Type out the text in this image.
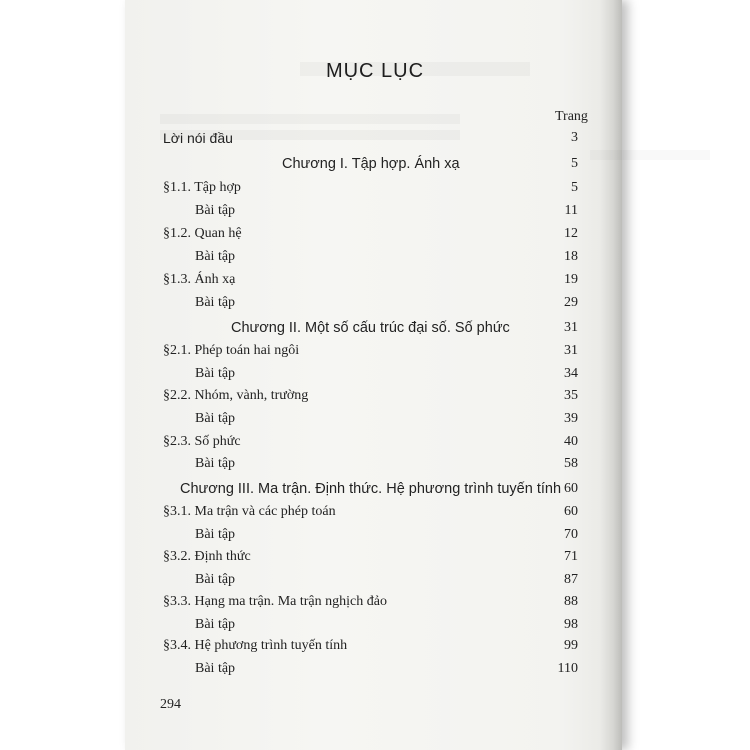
MỤC LỤC
Trang
Lời nói đầu	3
Chương I. Tập hợp. Ánh xạ	5
§1.1. Tập hợp	5
Bài tập	11
§1.2. Quan hệ	12
Bài tập	18
§1.3. Ánh xạ	19
Bài tập	29
Chương II. Một số cấu trúc đại số. Số phức	31
§2.1. Phép toán hai ngôi	31
Bài tập	34
§2.2. Nhóm, vành, trường	35
Bài tập	39
§2.3. Số phức	40
Bài tập	58
Chương III. Ma trận. Định thức. Hệ phương trình tuyến tính 60
§3.1. Ma trận và các phép toán	60
Bài tập	70
§3.2. Định thức	71
Bài tập	87
§3.3. Hạng ma trận. Ma trận nghịch đảo	88
Bài tập	98
§3.4. Hệ phương trình tuyến tính	99
Bài tập	110
294
